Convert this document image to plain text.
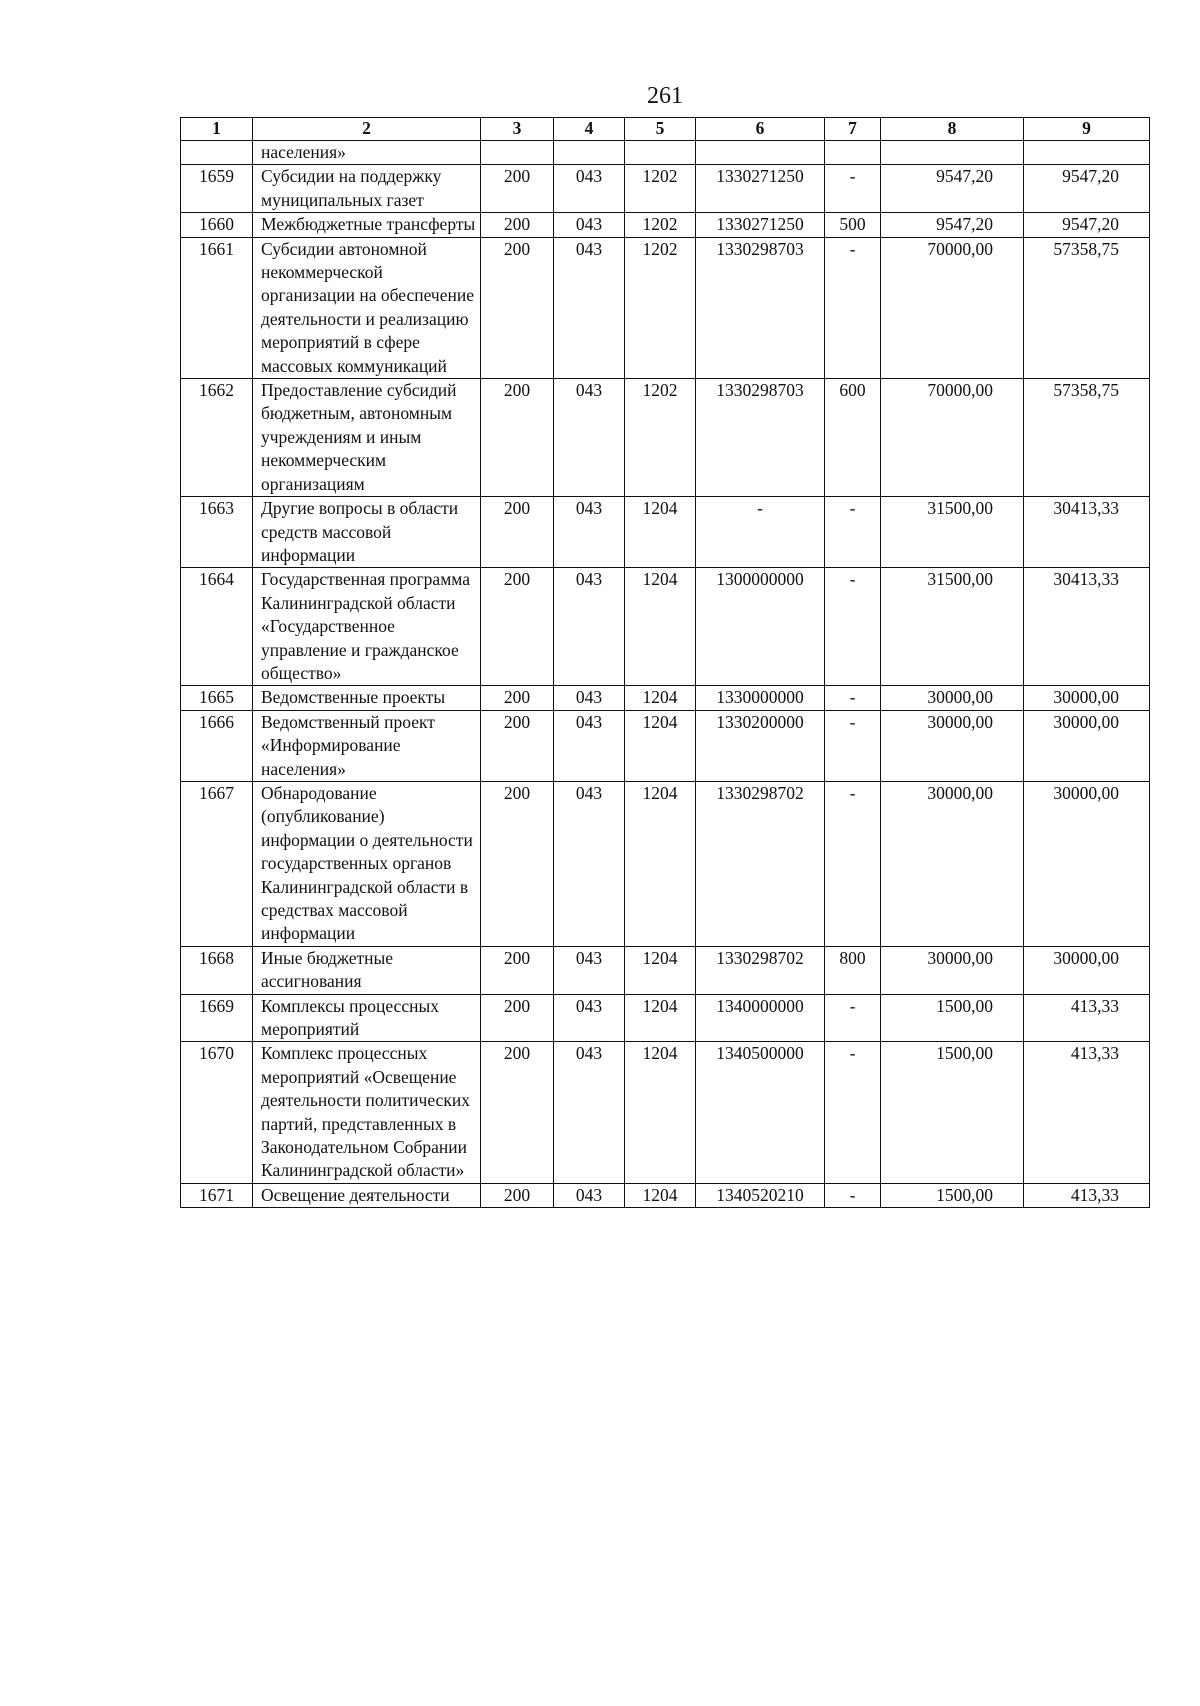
261
1	2	3	4	5	6	7	8	9
	населения»							
1659	Субсидии на поддержку муниципальных газет	200	043	1202	1330271250	-	9547,20	9547,20
1660	Межбюджетные трансферты	200	043	1202	1330271250	500	9547,20	9547,20
1661	Субсидии автономной некоммерческой организации на обеспечение деятельности и реализацию мероприятий в сфере массовых коммуникаций	200	043	1202	1330298703	-	70000,00	57358,75
1662	Предоставление субсидий бюджетным, автономным учреждениям и иным некоммерческим организациям	200	043	1202	1330298703	600	70000,00	57358,75
1663	Другие вопросы в области средств массовой информации	200	043	1204	-	-	31500,00	30413,33
1664	Государственная программа Калининградской области «Государственное управление и гражданское общество»	200	043	1204	1300000000	-	31500,00	30413,33
1665	Ведомственные проекты	200	043	1204	1330000000	-	30000,00	30000,00
1666	Ведомственный проект «Информирование населения»	200	043	1204	1330200000	-	30000,00	30000,00
1667	Обнародование (опубликование) информации о деятельности государственных органов Калининградской области в средствах массовой информации	200	043	1204	1330298702	-	30000,00	30000,00
1668	Иные бюджетные ассигнования	200	043	1204	1330298702	800	30000,00	30000,00
1669	Комплексы процессных мероприятий	200	043	1204	1340000000	-	1500,00	413,33
1670	Комплекс процессных мероприятий «Освещение деятельности политических партий, представленных в Законодательном Собрании Калининградской области»	200	043	1204	1340500000	-	1500,00	413,33
1671	Освещение деятельности	200	043	1204	1340520210	-	1500,00	413,33
